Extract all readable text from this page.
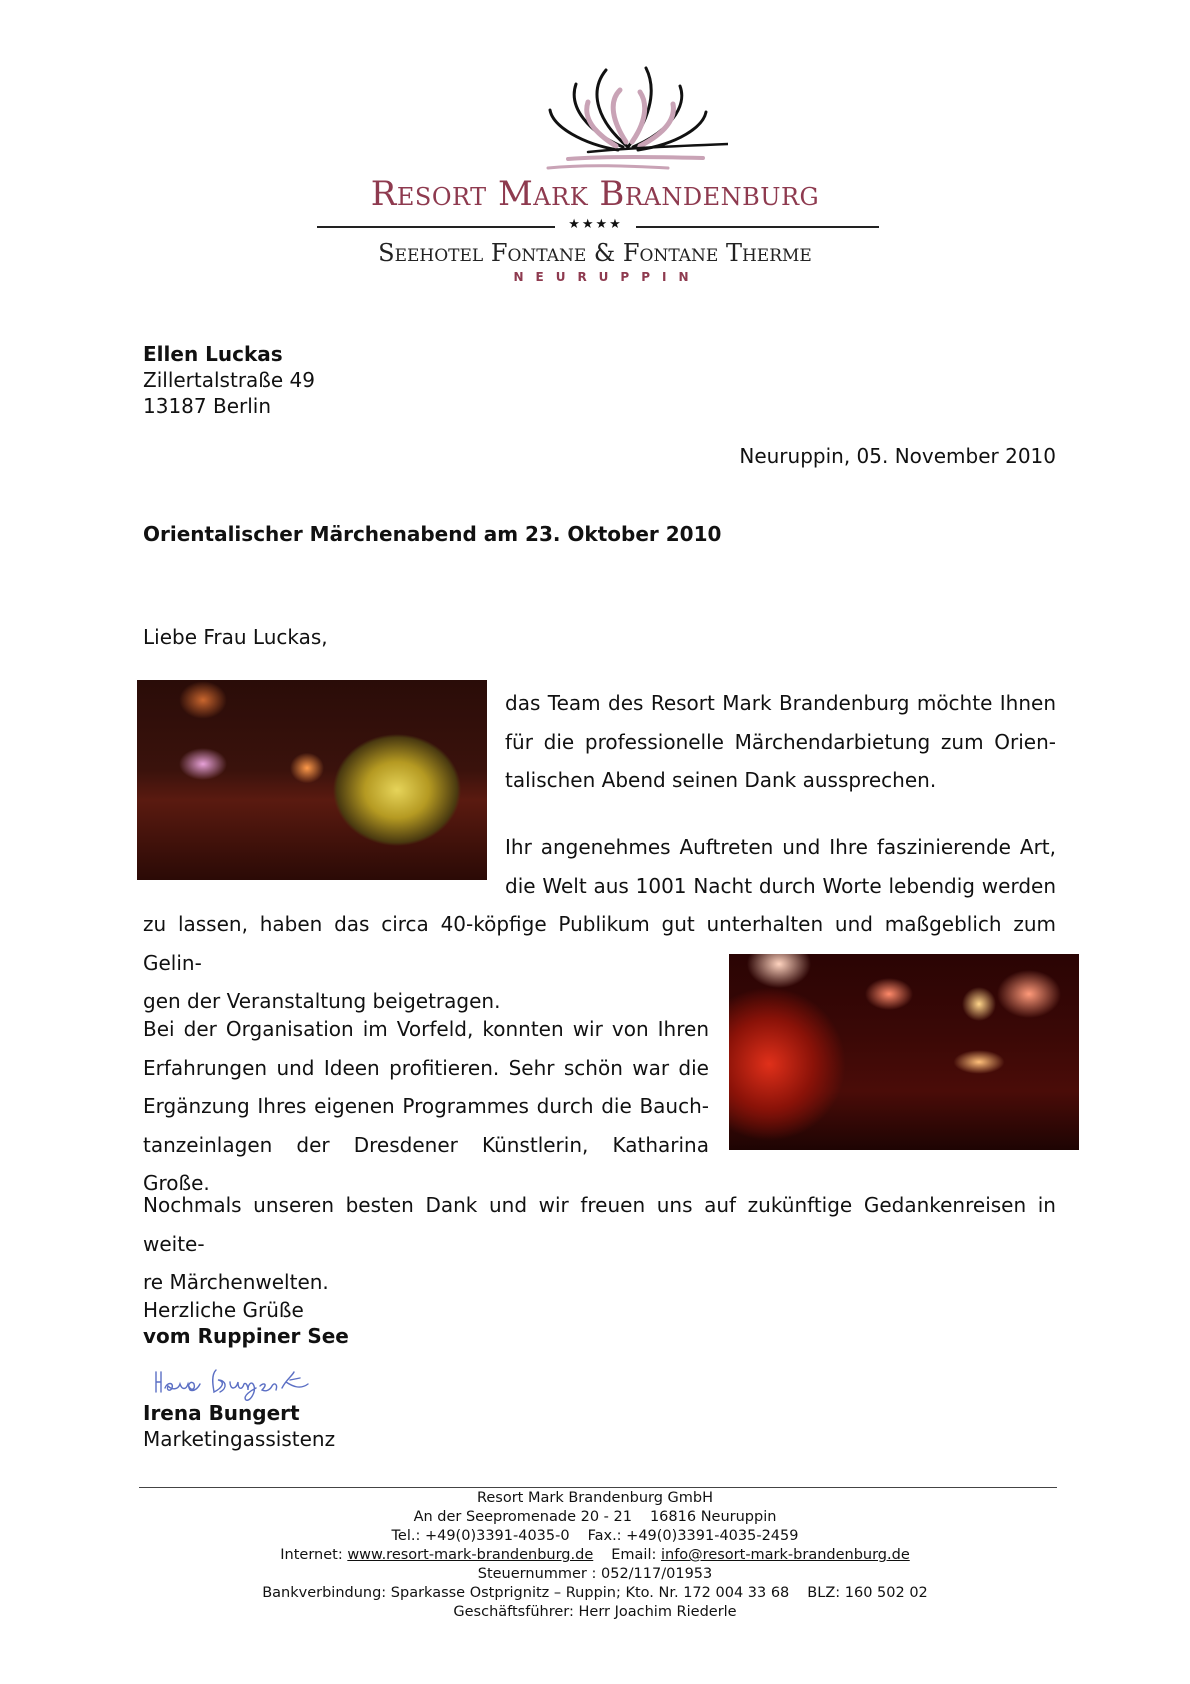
Resort Mark Brandenburg
★★★★
Seehotel Fontane & Fontane Therme
NEURUPPIN
Ellen Luckas
Zillertalstraße 49
13187 Berlin
Neuruppin, 05. November 2010
Orientalischer Märchenabend am 23. Oktober 2010
Liebe Frau Luckas,
das Team des Resort Mark Brandenburg möchte Ihnen
für die professionelle Märchendarbietung zum Orien-
talischen Abend seinen Dank aussprechen.
Ihr angenehmes Auftreten und Ihre faszinierende Art,
die Welt aus 1001 Nacht durch Worte lebendig werden
zu lassen, haben das circa 40-köpfige Publikum gut unterhalten und maßgeblich zum Gelin-
gen der Veranstaltung beigetragen.
Bei der Organisation im Vorfeld, konnten wir von Ihren
Erfahrungen und Ideen profitieren. Sehr schön war die
Ergänzung Ihres eigenen Programmes durch die Bauch-
tanzeinlagen der Dresdener Künstlerin, Katharina Große.
Nochmals unseren besten Dank und wir freuen uns auf zukünftige Gedankenreisen in weite-
re Märchenwelten.
Herzliche Grüße
vom Ruppiner See
Irena Bungert
Marketingassistenz
Resort Mark Brandenburg GmbH
An der Seepromenade 20 - 21 16816 Neuruppin
Tel.: +49(0)3391-4035-0 Fax.: +49(0)3391-4035-2459
Internet: www.resort-mark-brandenburg.de Email: info@resort-mark-brandenburg.de
Steuernummer : 052/117/01953
Bankverbindung: Sparkasse Ostprignitz – Ruppin; Kto. Nr. 172 004 33 68 BLZ: 160 502 02
Geschäftsführer: Herr Joachim Riederle
